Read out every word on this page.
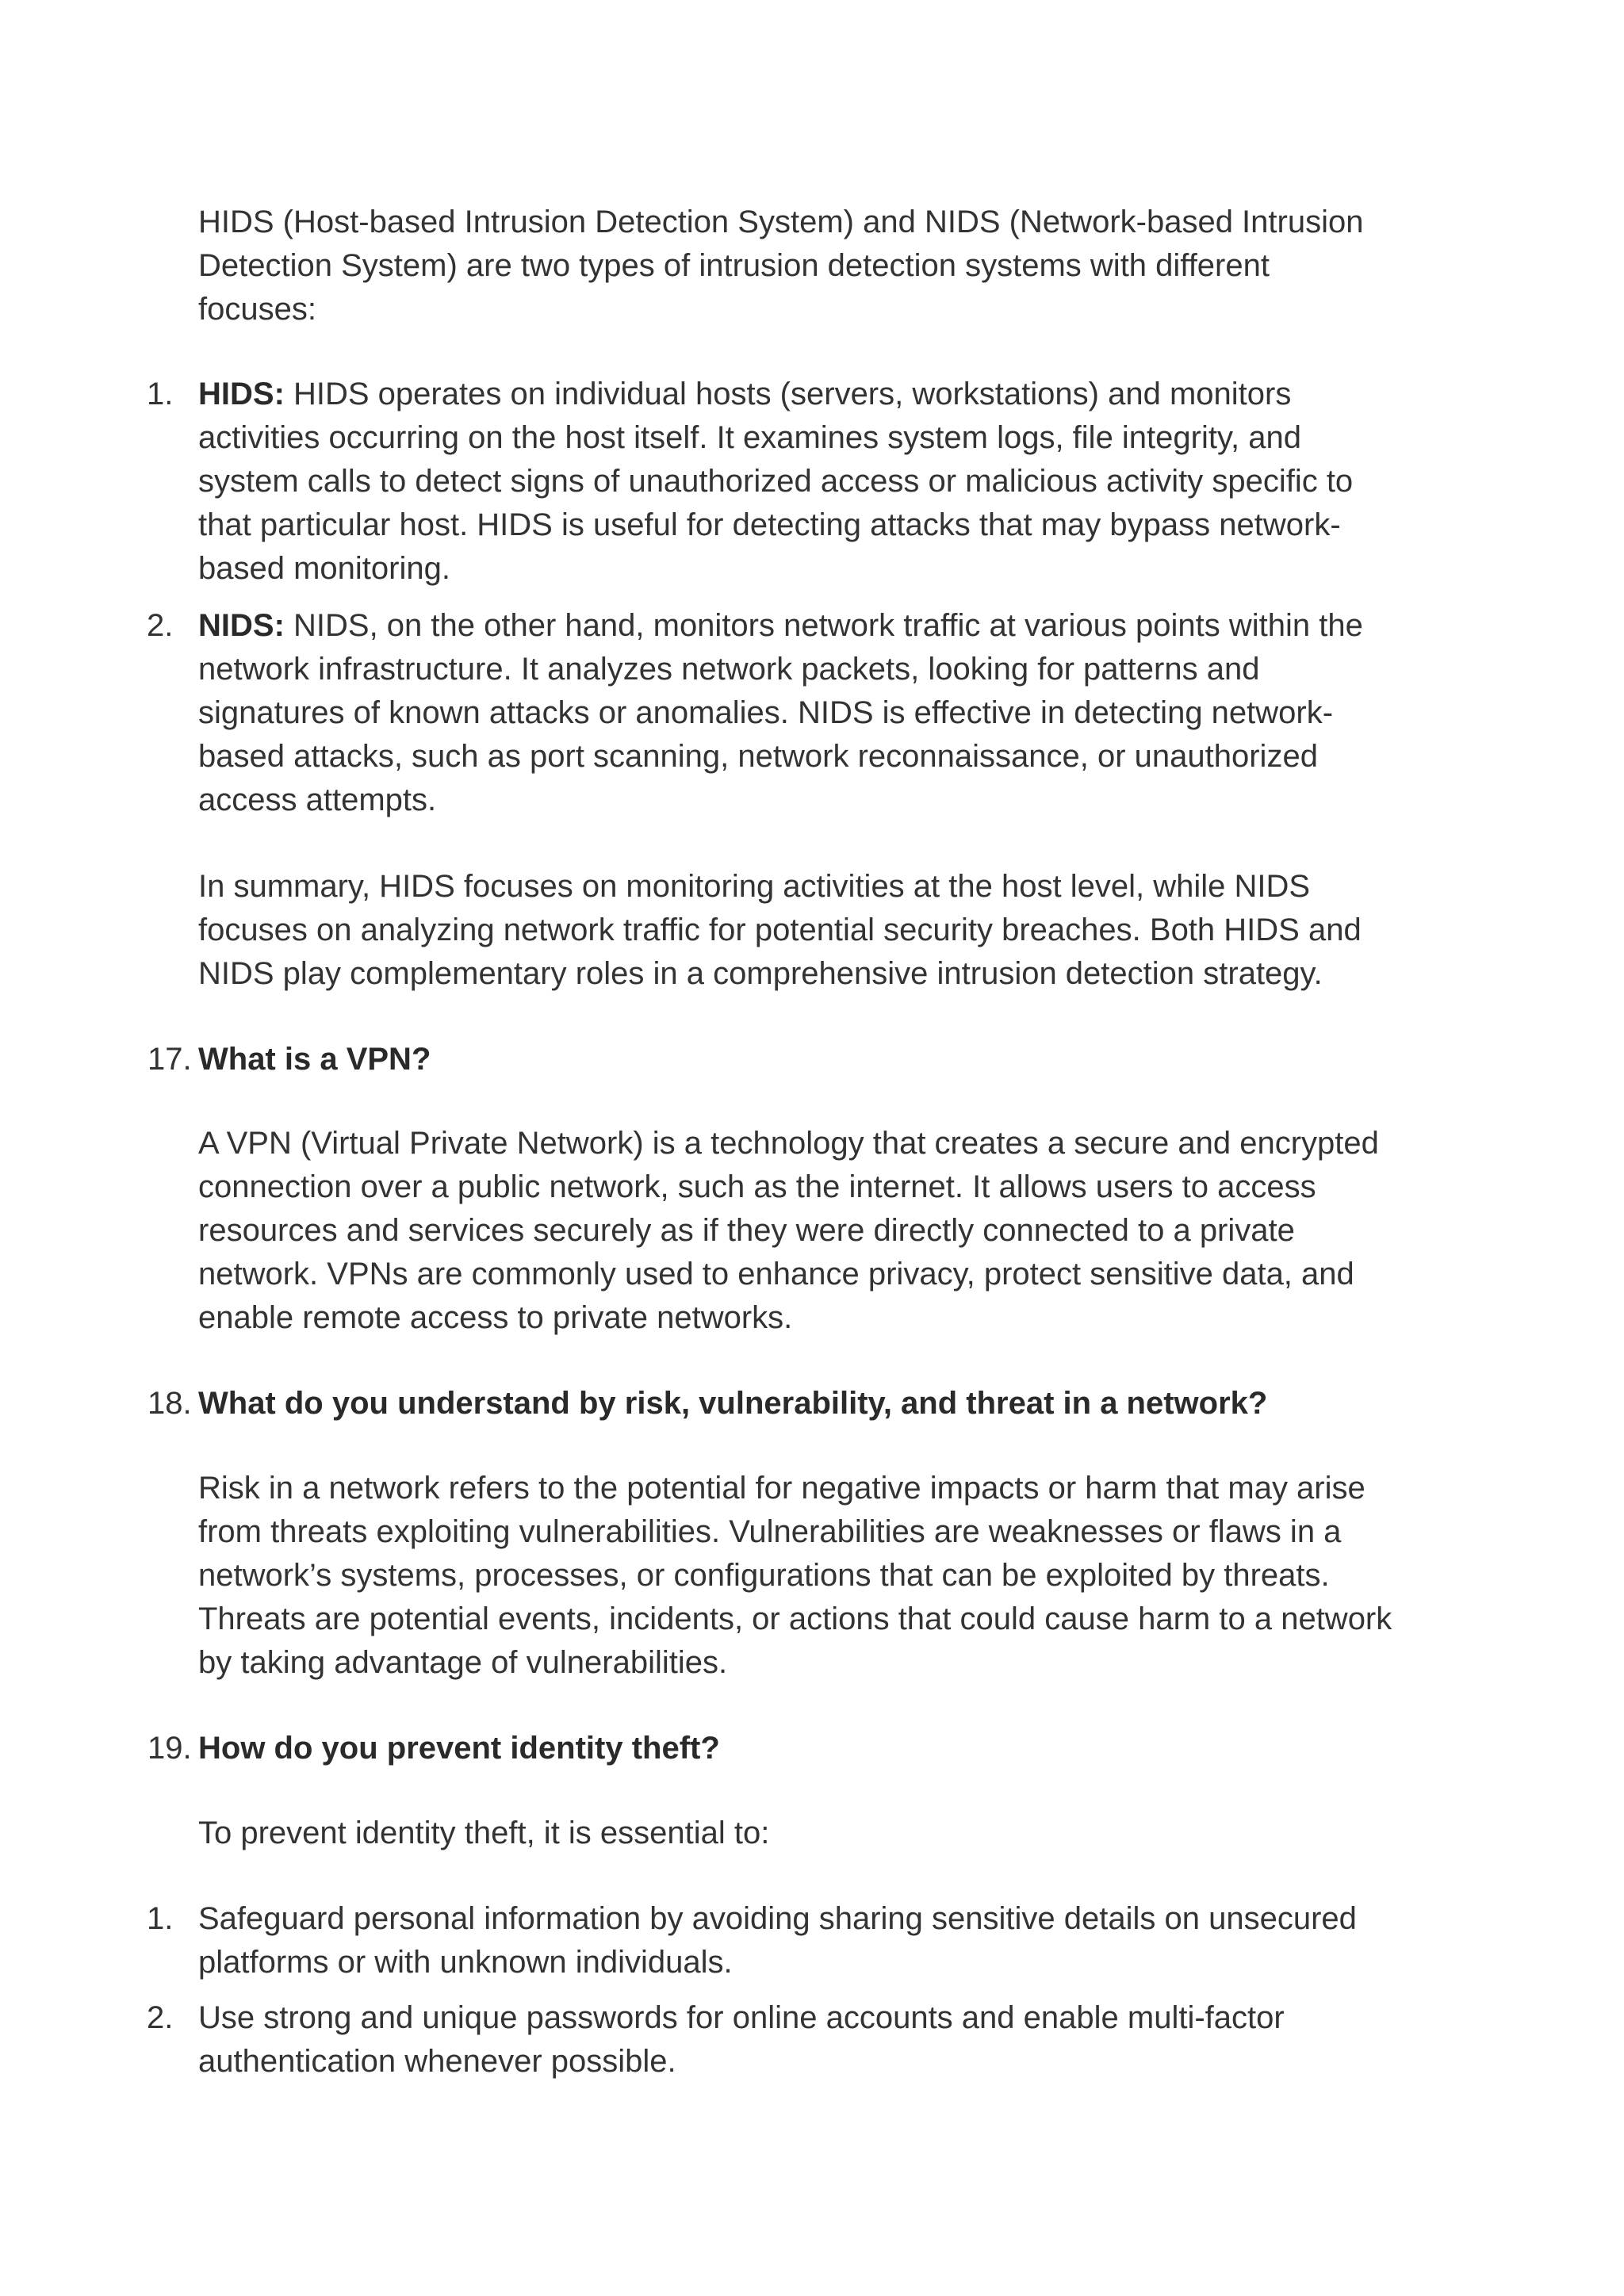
HIDS (Host-based Intrusion Detection System) and NIDS (Network-based Intrusion
Detection System) are two types of intrusion detection systems with different
focuses:
1. HIDS: HIDS operates on individual hosts (servers, workstations) and monitors
activities occurring on the host itself. It examines system logs, file integrity, and
system calls to detect signs of unauthorized access or malicious activity specific to
that particular host. HIDS is useful for detecting attacks that may bypass network-
based monitoring.
2. NIDS: NIDS, on the other hand, monitors network traffic at various points within the
network infrastructure. It analyzes network packets, looking for patterns and
signatures of known attacks or anomalies. NIDS is effective in detecting network-
based attacks, such as port scanning, network reconnaissance, or unauthorized
access attempts.
In summary, HIDS focuses on monitoring activities at the host level, while NIDS
focuses on analyzing network traffic for potential security breaches. Both HIDS and
NIDS play complementary roles in a comprehensive intrusion detection strategy.
17. What is a VPN?
A VPN (Virtual Private Network) is a technology that creates a secure and encrypted
connection over a public network, such as the internet. It allows users to access
resources and services securely as if they were directly connected to a private
network. VPNs are commonly used to enhance privacy, protect sensitive data, and
enable remote access to private networks.
18. What do you understand by risk, vulnerability, and threat in a network?
Risk in a network refers to the potential for negative impacts or harm that may arise
from threats exploiting vulnerabilities. Vulnerabilities are weaknesses or flaws in a
network’s systems, processes, or configurations that can be exploited by threats.
Threats are potential events, incidents, or actions that could cause harm to a network
by taking advantage of vulnerabilities.
19. How do you prevent identity theft?
To prevent identity theft, it is essential to:
1. Safeguard personal information by avoiding sharing sensitive details on unsecured
platforms or with unknown individuals.
2. Use strong and unique passwords for online accounts and enable multi-factor
authentication whenever possible.
